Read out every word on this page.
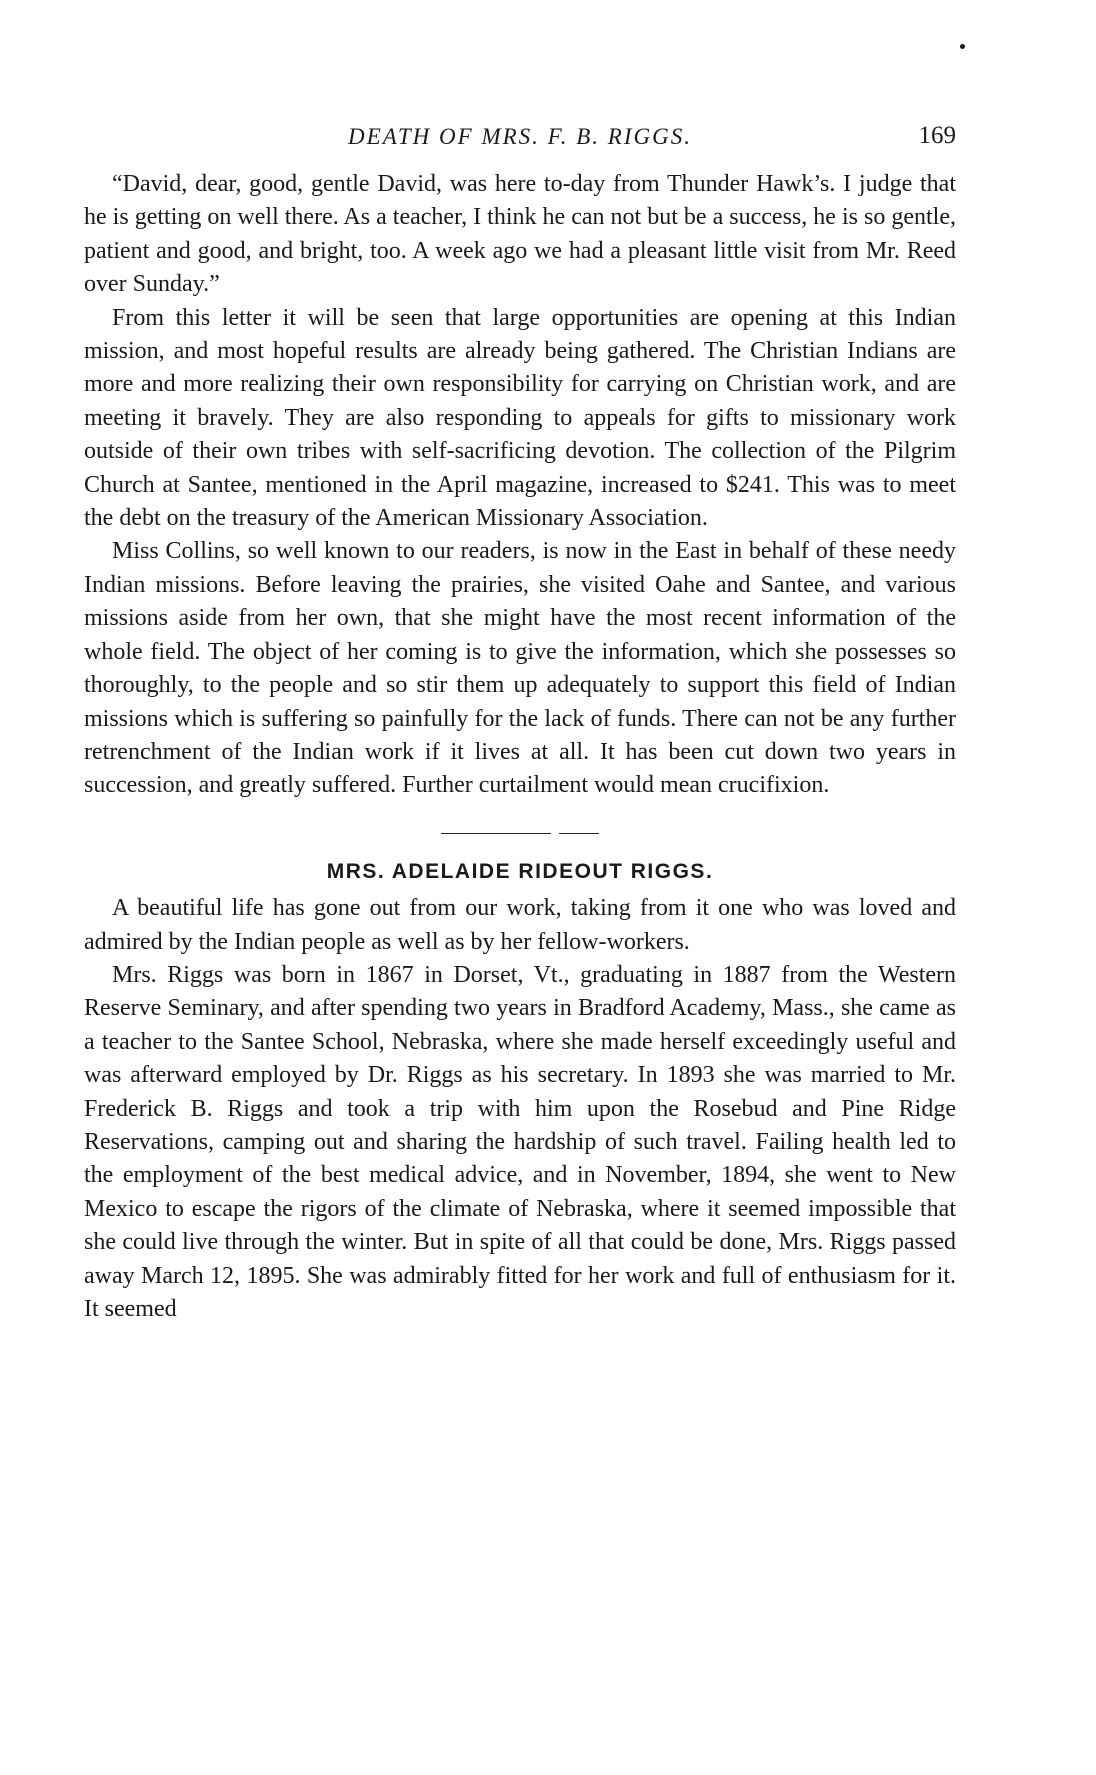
DEATH OF MRS. F. B. RIGGS.	169

“David, dear, good, gentle David, was here to-day from Thunder Hawk’s. I judge that he is getting on well there. As a teacher, I think he can not but be a success, he is so gentle, patient and good, and bright, too. A week ago we had a pleasant little visit from Mr. Reed over Sunday.”

From this letter it will be seen that large opportunities are opening at this Indian mission, and most hopeful results are already being gathered. The Christian Indians are more and more realizing their own responsibility for carrying on Christian work, and are meeting it bravely. They are also responding to appeals for gifts to missionary work outside of their own tribes with self-sacrificing devotion. The collection of the Pilgrim Church at Santee, mentioned in the April magazine, increased to $241. This was to meet the debt on the treasury of the American Missionary Association.

Miss Collins, so well known to our readers, is now in the East in behalf of these needy Indian missions. Before leaving the prairies, she visited Oahe and Santee, and various missions aside from her own, that she might have the most recent information of the whole field. The object of her coming is to give the information, which she possesses so thoroughly, to the people and so stir them up adequately to support this field of Indian missions which is suffering so painfully for the lack of funds. There can not be any further retrenchment of the Indian work if it lives at all. It has been cut down two years in succession, and greatly suffered. Further curtailment would mean crucifixion.

MRS. ADELAIDE RIDEOUT RIGGS.

A beautiful life has gone out from our work, taking from it one who was loved and admired by the Indian people as well as by her fellow-workers.

Mrs. Riggs was born in 1867 in Dorset, Vt., graduating in 1887 from the Western Reserve Seminary, and after spending two years in Bradford Academy, Mass., she came as a teacher to the Santee School, Nebraska, where she made herself exceedingly useful and was afterward employed by Dr. Riggs as his secretary. In 1893 she was married to Mr. Frederick B. Riggs and took a trip with him upon the Rosebud and Pine Ridge Reservations, camping out and sharing the hardship of such travel. Failing health led to the employment of the best medical advice, and in November, 1894, she went to New Mexico to escape the rigors of the climate of Nebraska, where it seemed impossible that she could live through the winter. But in spite of all that could be done, Mrs. Riggs passed away March 12, 1895. She was admirably fitted for her work and full of enthusiasm for it. It seemed
